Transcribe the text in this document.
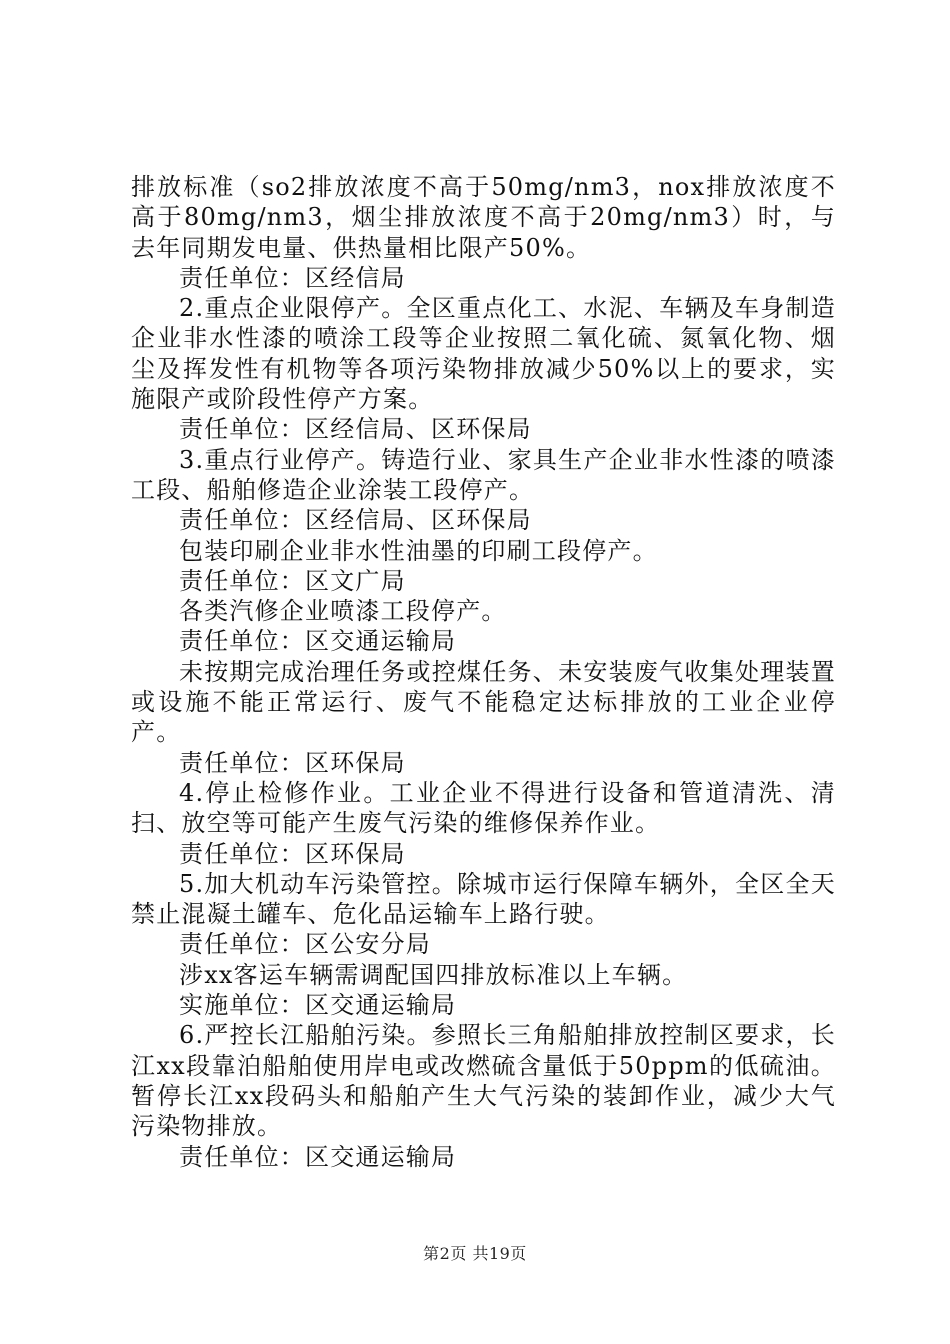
排放标准（so2排放浓度不高于50mg/nm3，nox排放浓度不高于80mg/nm3，烟尘排放浓度不高于20mg/nm3）时，与去年同期发电量、供热量相比限产50%。

责任单位：区经信局

2.重点企业限停产。全区重点化工、水泥、车辆及车身制造企业非水性漆的喷涂工段等企业按照二氧化硫、氮氧化物、烟尘及挥发性有机物等各项污染物排放减少50%以上的要求，实施限产或阶段性停产方案。

责任单位：区经信局、区环保局

3.重点行业停产。铸造行业、家具生产企业非水性漆的喷漆工段、船舶修造企业涂装工段停产。

责任单位：区经信局、区环保局

包装印刷企业非水性油墨的印刷工段停产。

责任单位：区文广局

各类汽修企业喷漆工段停产。

责任单位：区交通运输局

未按期完成治理任务或控煤任务、未安装废气收集处理装置或设施不能正常运行、废气不能稳定达标排放的工业企业停产。

责任单位：区环保局

4.停止检修作业。工业企业不得进行设备和管道清洗、清扫、放空等可能产生废气污染的维修保养作业。

责任单位：区环保局

5.加大机动车污染管控。除城市运行保障车辆外，全区全天禁止混凝土罐车、危化品运输车上路行驶。

责任单位：区公安分局

涉xx客运车辆需调配国四排放标准以上车辆。

实施单位：区交通运输局

6.严控长江船舶污染。参照长三角船舶排放控制区要求，长江xx段靠泊船舶使用岸电或改燃硫含量低于50ppm的低硫油。暂停长江xx段码头和船舶产生大气污染的装卸作业，减少大气污染物排放。

责任单位：区交通运输局

第2页 共19页
